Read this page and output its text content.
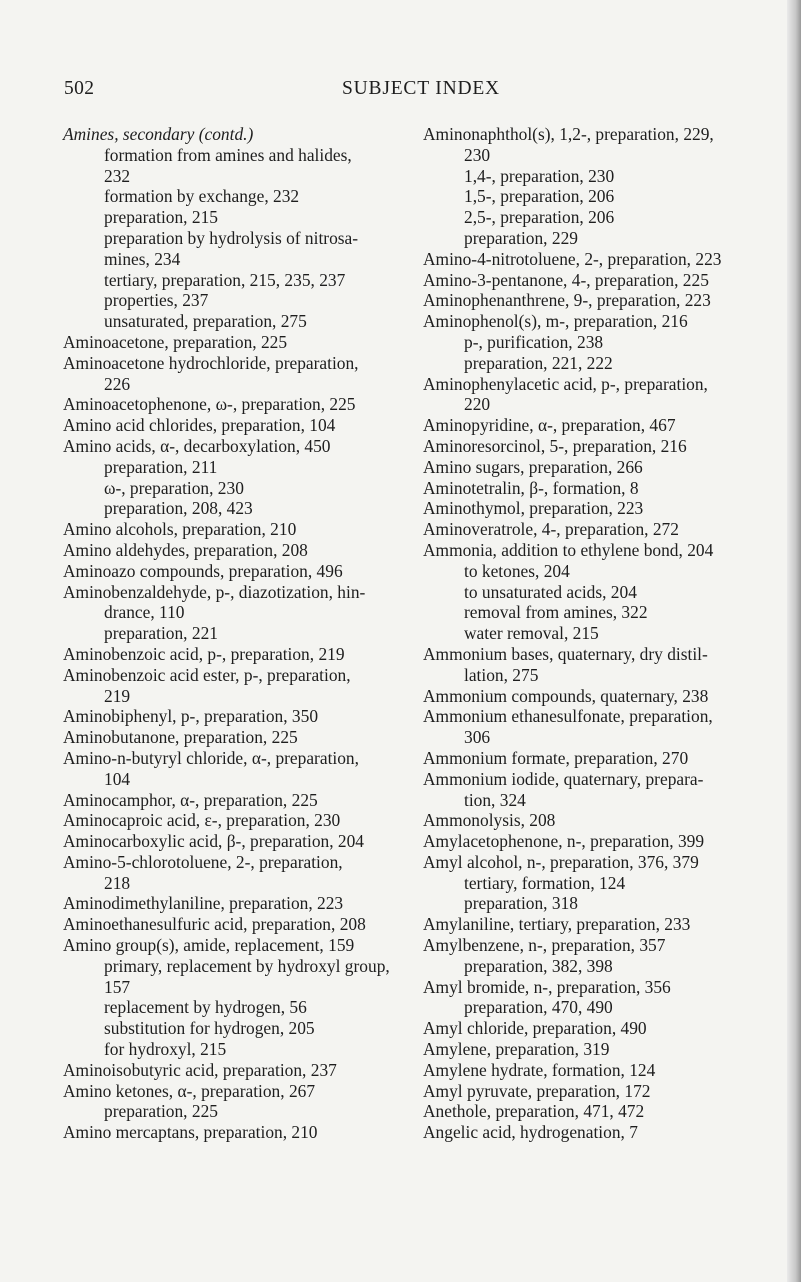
502	SUBJECT INDEX
Amines, secondary (contd.)
formation from amines and halides,
232
formation by exchange, 232
preparation, 215
preparation by hydrolysis of nitrosa-
mines, 234
tertiary, preparation, 215, 235, 237
properties, 237
unsaturated, preparation, 275
Aminoacetone, preparation, 225
Aminoacetone hydrochloride, preparation,
226
Aminoacetophenone, ω-, preparation, 225
Amino acid chlorides, preparation, 104
Amino acids, α-, decarboxylation, 450
preparation, 211
ω-, preparation, 230
preparation, 208, 423
Amino alcohols, preparation, 210
Amino aldehydes, preparation, 208
Aminoazo compounds, preparation, 496
Aminobenzaldehyde, p-, diazotization, hin-
drance, 110
preparation, 221
Aminobenzoic acid, p-, preparation, 219
Aminobenzoic acid ester, p-, preparation,
219
Aminobiphenyl, p-, preparation, 350
Aminobutanone, preparation, 225
Amino-n-butyryl chloride, α-, preparation,
104
Aminocamphor, α-, preparation, 225
Aminocaproic acid, ε-, preparation, 230
Aminocarboxylic acid, β-, preparation, 204
Amino-5-chlorotoluene, 2-, preparation,
218
Aminodimethylaniline, preparation, 223
Aminoethanesulfuric acid, preparation, 208
Amino group(s), amide, replacement, 159
primary, replacement by hydroxyl group,
157
replacement by hydrogen, 56
substitution for hydrogen, 205
for hydroxyl, 215
Aminoisobutyric acid, preparation, 237
Amino ketones, α-, preparation, 267
preparation, 225
Amino mercaptans, preparation, 210
Aminonaphthol(s), 1,2-, preparation, 229,
230
1,4-, preparation, 230
1,5-, preparation, 206
2,5-, preparation, 206
preparation, 229
Amino-4-nitrotoluene, 2-, preparation, 223
Amino-3-pentanone, 4-, preparation, 225
Aminophenanthrene, 9-, preparation, 223
Aminophenol(s), m-, preparation, 216
p-, purification, 238
preparation, 221, 222
Aminophenylacetic acid, p-, preparation,
220
Aminopyridine, α-, preparation, 467
Aminoresorcinol, 5-, preparation, 216
Amino sugars, preparation, 266
Aminotetralin, β-, formation, 8
Aminothymol, preparation, 223
Aminoveratrole, 4-, preparation, 272
Ammonia, addition to ethylene bond, 204
to ketones, 204
to unsaturated acids, 204
removal from amines, 322
water removal, 215
Ammonium bases, quaternary, dry distil-
lation, 275
Ammonium compounds, quaternary, 238
Ammonium ethanesulfonate, preparation,
306
Ammonium formate, preparation, 270
Ammonium iodide, quaternary, prepara-
tion, 324
Ammonolysis, 208
Amylacetophenone, n-, preparation, 399
Amyl alcohol, n-, preparation, 376, 379
tertiary, formation, 124
preparation, 318
Amylaniline, tertiary, preparation, 233
Amylbenzene, n-, preparation, 357
preparation, 382, 398
Amyl bromide, n-, preparation, 356
preparation, 470, 490
Amyl chloride, preparation, 490
Amylene, preparation, 319
Amylene hydrate, formation, 124
Amyl pyruvate, preparation, 172
Anethole, preparation, 471, 472
Angelic acid, hydrogenation, 7
